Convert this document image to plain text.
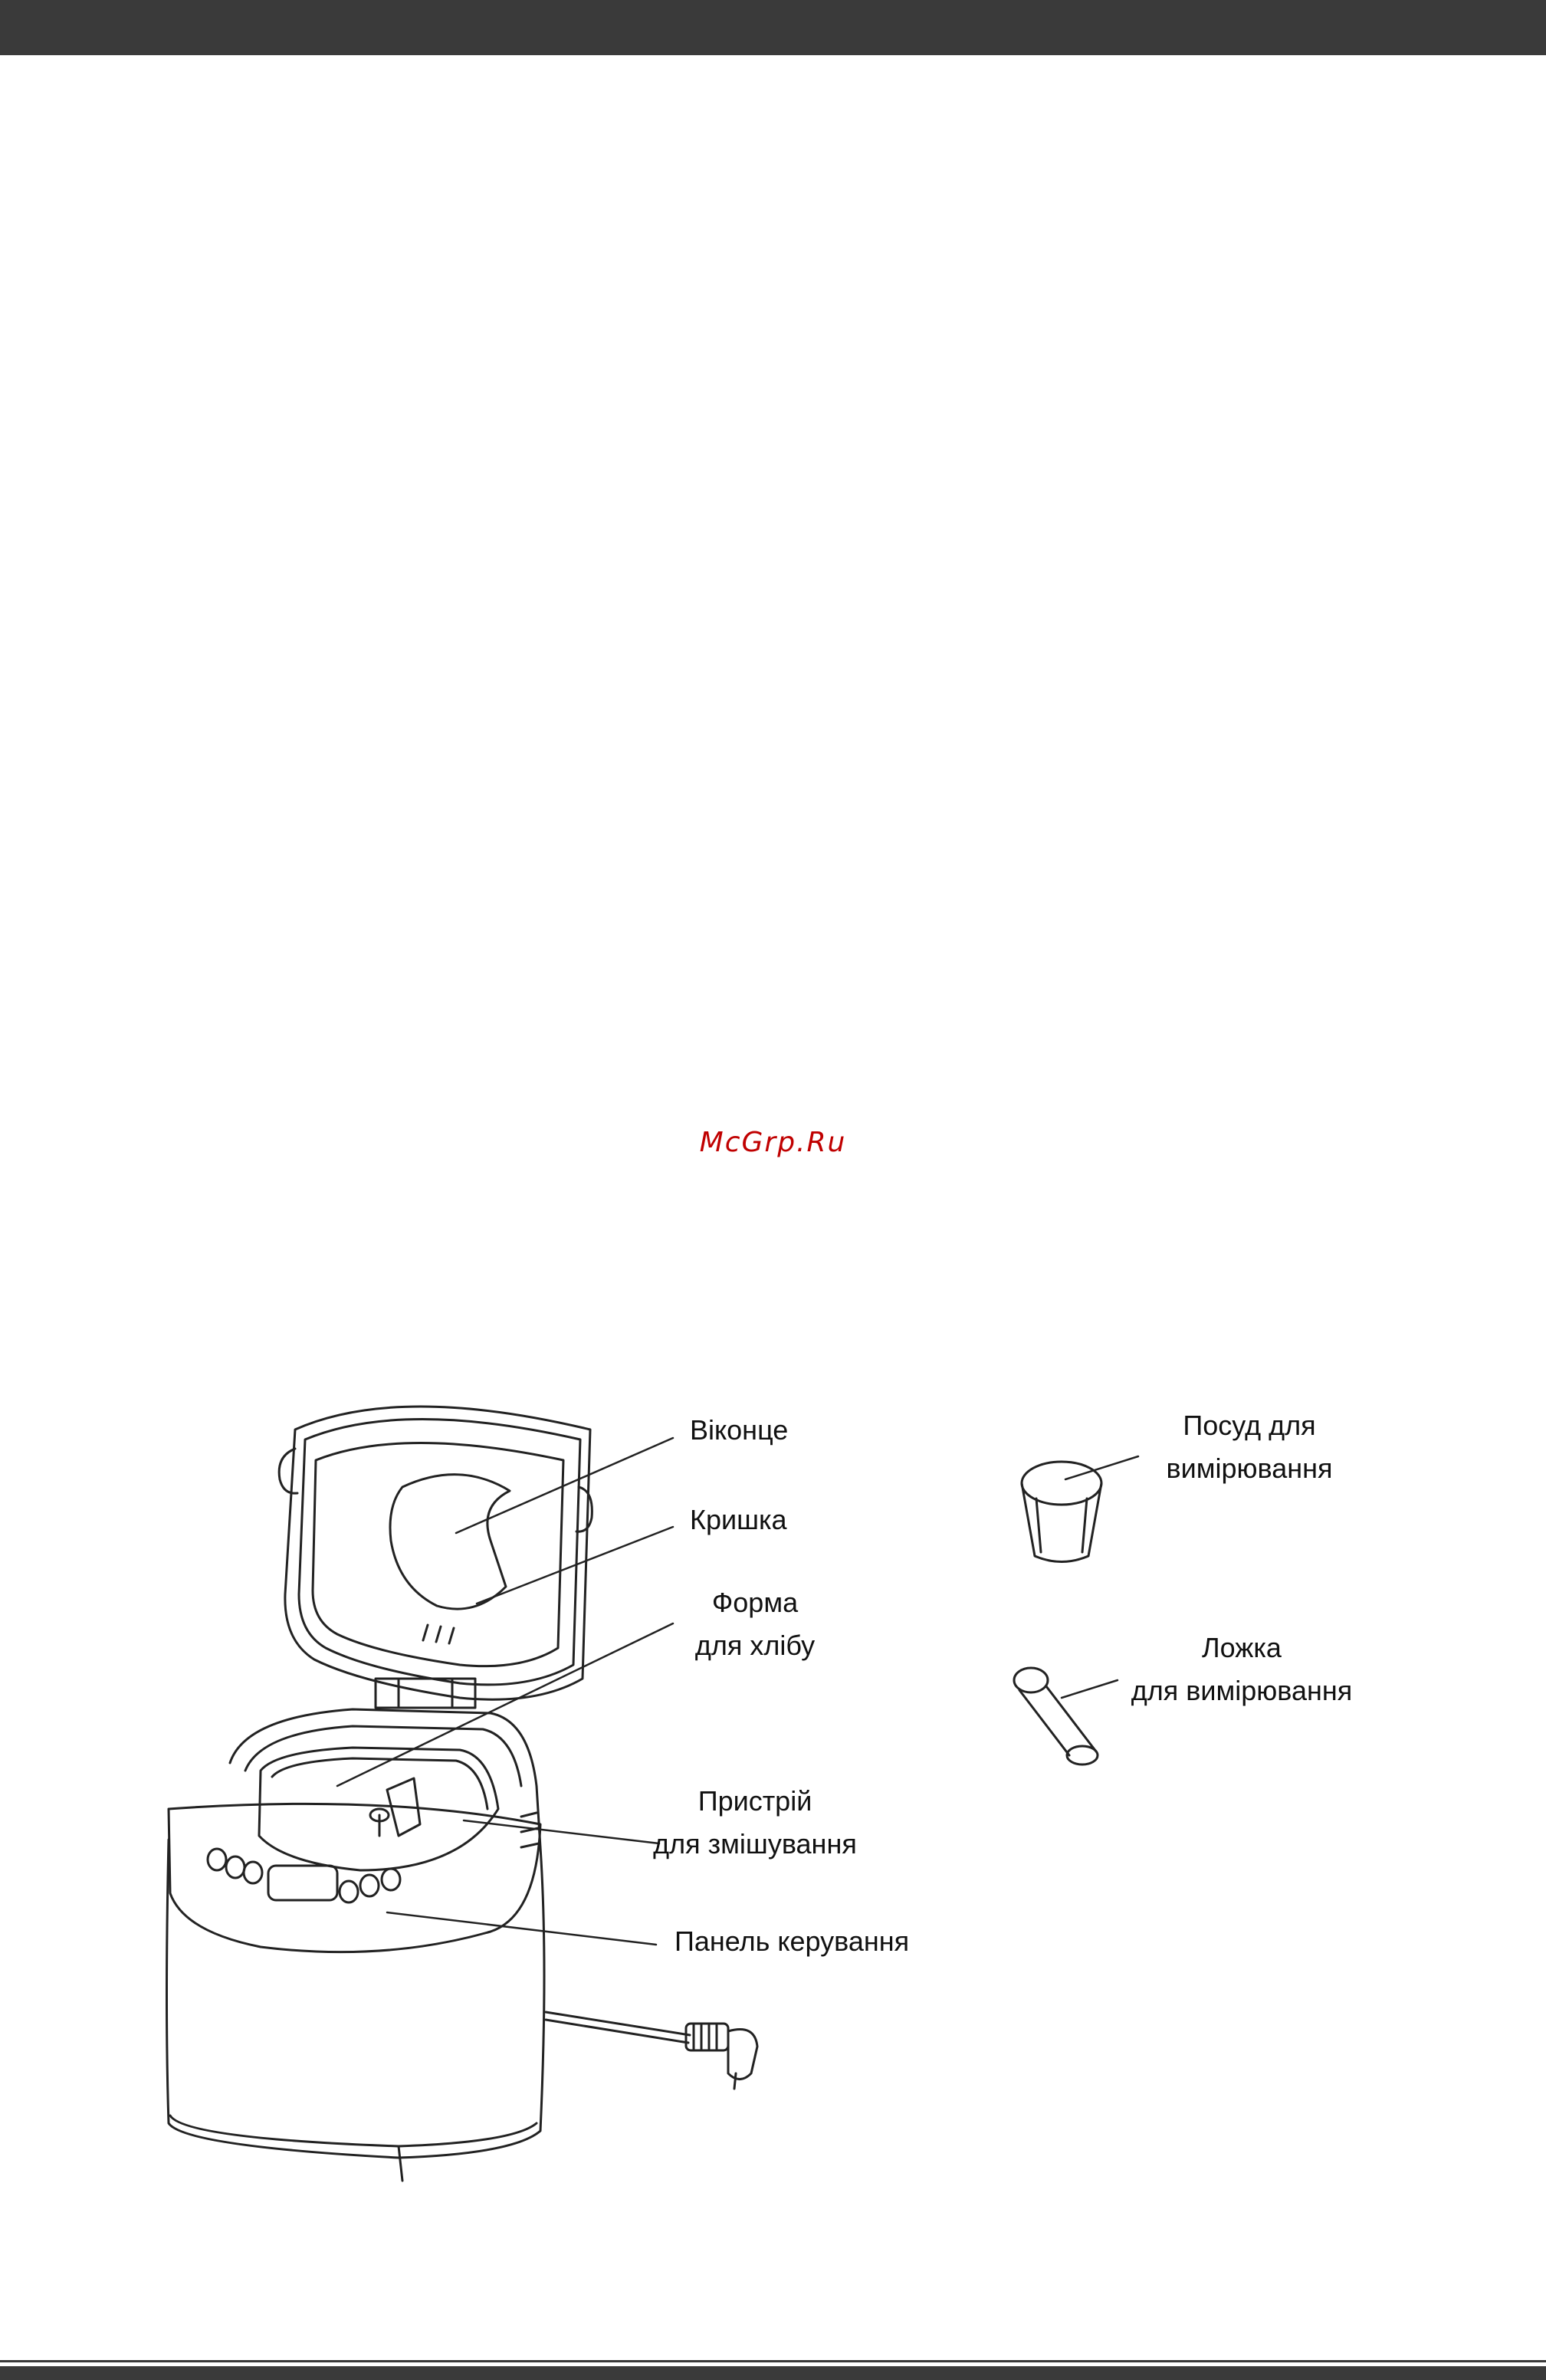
McGrp.Ru
Віконце
Кришка
Форма
для хлібу
Пристрій
для змішування
Панель керування
Посуд для
вимірювання
Ложка
для вимірювання
